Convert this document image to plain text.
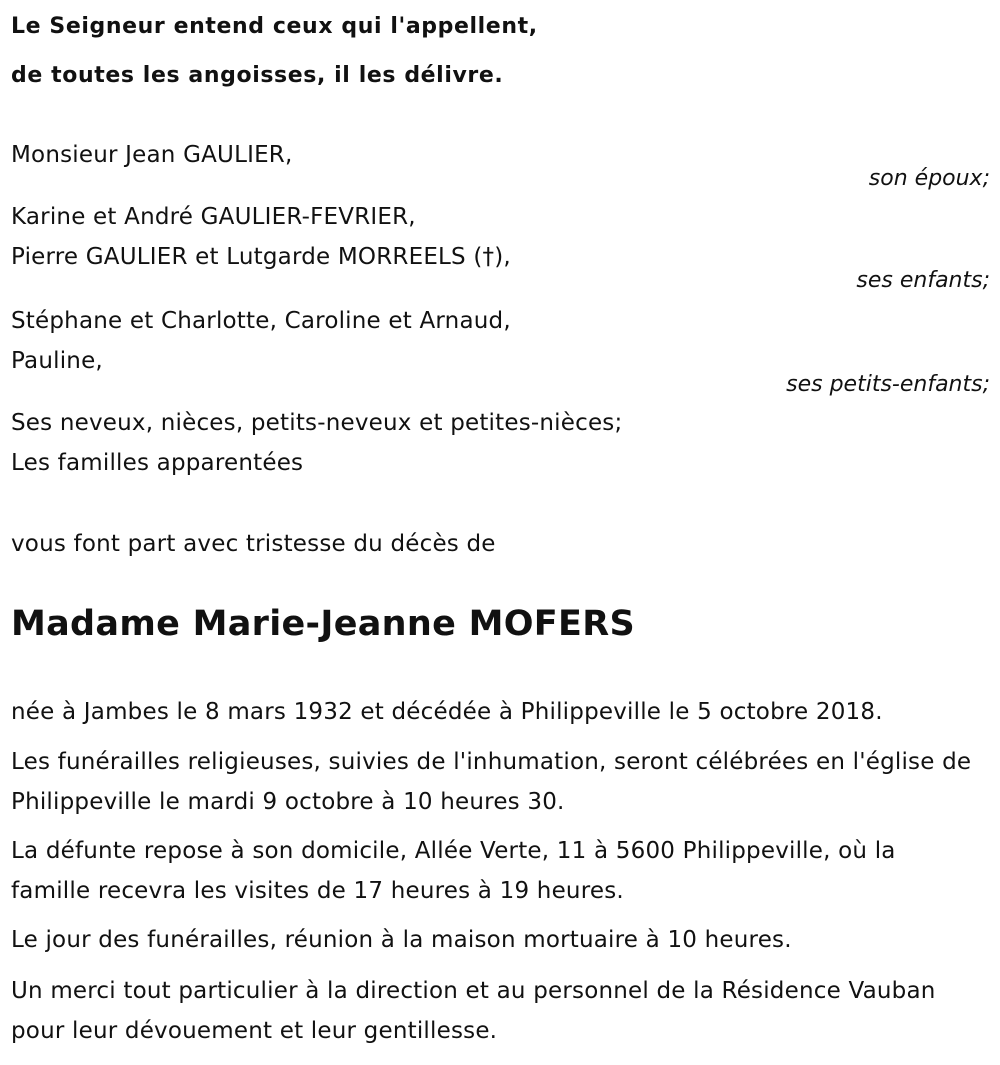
Le Seigneur entend ceux qui l'appellent,
de toutes les angoisses, il les délivre.
Monsieur Jean GAULIER,
son époux;
Karine et André GAULIER-FEVRIER,
Pierre GAULIER et Lutgarde MORREELS (†),
ses enfants;
Stéphane et Charlotte, Caroline et Arnaud,
Pauline,
ses petits-enfants;
Ses neveux, nièces, petits-neveux et petites-nièces;
Les familles apparentées
vous font part avec tristesse du décès de
Madame Marie-Jeanne MOFERS
née à Jambes le 8 mars 1932 et décédée à Philippeville le 5 octobre 2018.
Les funérailles religieuses, suivies de l'inhumation, seront célébrées en l'église de Philippeville le mardi 9 octobre à 10 heures 30.
La défunte repose à son domicile, Allée Verte, 11 à 5600 Philippeville, où la famille recevra les visites de 17 heures à 19 heures.
Le jour des funérailles, réunion à la maison mortuaire à 10 heures.
Un merci tout particulier à la direction et au personnel de la Résidence Vauban pour leur dévouement et leur gentillesse.
